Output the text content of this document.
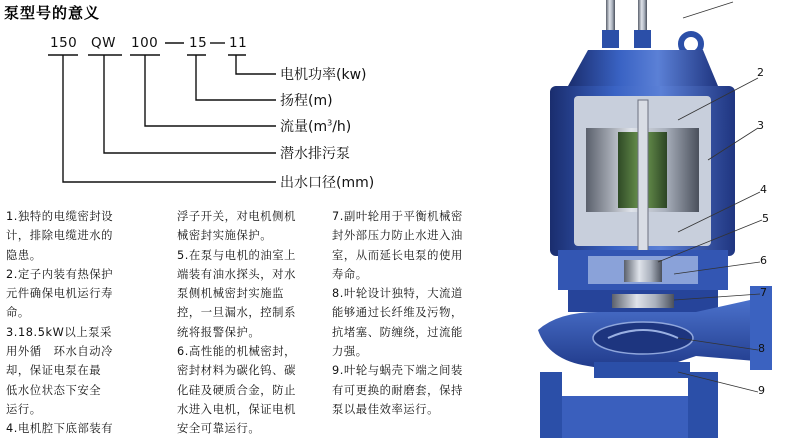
泵型号的意义
150 QW 100 15 11
电机功率(kw)
扬程(m)
流量$(m^3/h)$
潜水排污泵
出水口径(mm)

1.独特的电缆密封设

计，排除电缆进水的

隐患。

2.定子内装有热保护

元件确保电机运行寿

命。

3.18.5kW以上泵采

用外循　环水自动冷

却，保证电泵在最

低水位状态下安全

运行。

4.电机腔下底部装有

浮子开关，对电机侧机

械密封实施保护。

5.在泵与电机的油室上

端装有油水探头，对水

泵侧机械密封实施监

控，一旦漏水，控制系

统将报警保护。

6.高性能的机械密封，

密封材料为碳化钨、碳

化硅及硬质合金，防止

水进入电机，保证电机

安全可靠运行。

7.副叶轮用于平衡机械密

封外部压力防止水进入油

室，从而延长电泵的使用

寿命。

8.叶轮设计独特，大流道

能够通过长纤维及污物，

抗堵塞、防缠绕，过流能

力强。

9.叶轮与蜗壳下端之间装

有可更换的耐磨套，保持

泵以最佳效率运行。

2
3
4
5
6
7
8
9
